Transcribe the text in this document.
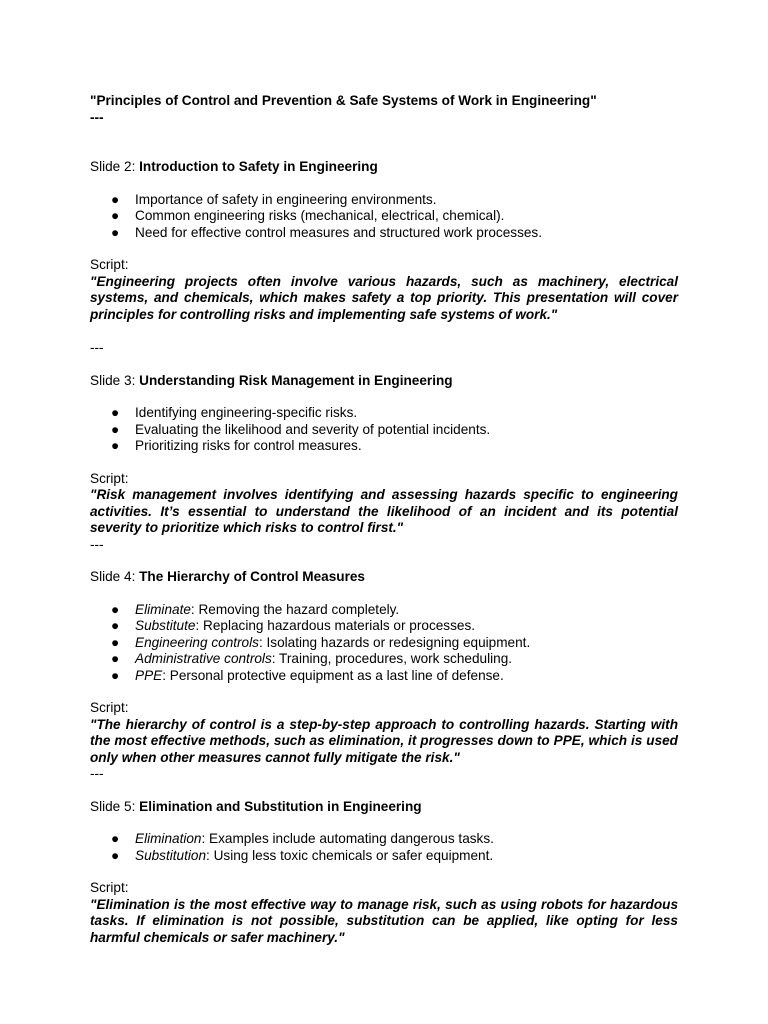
"Principles of Control and Prevention & Safe Systems of Work in Engineering"

---

Slide 2: Introduction to Safety in Engineering

● Importance of safety in engineering environments.
● Common engineering risks (mechanical, electrical, chemical).
● Need for effective control measures and structured work processes.

Script:

"Engineering projects often involve various hazards, such as machinery, electrical systems, and chemicals, which makes safety a top priority. This presentation will cover principles for controlling risks and implementing safe systems of work."

---

Slide 3: Understanding Risk Management in Engineering

● Identifying engineering-specific risks.
● Evaluating the likelihood and severity of potential incidents.
● Prioritizing risks for control measures.

Script:

"Risk management involves identifying and assessing hazards specific to engineering activities. It’s essential to understand the likelihood of an incident and its potential severity to prioritize which risks to control first."

---

Slide 4: The Hierarchy of Control Measures

● Eliminate: Removing the hazard completely.
● Substitute: Replacing hazardous materials or processes.
● Engineering controls: Isolating hazards or redesigning equipment.
● Administrative controls: Training, procedures, work scheduling.
● PPE: Personal protective equipment as a last line of defense.

Script:

"The hierarchy of control is a step-by-step approach to controlling hazards. Starting with the most effective methods, such as elimination, it progresses down to PPE, which is used only when other measures cannot fully mitigate the risk."

---

Slide 5: Elimination and Substitution in Engineering

● Elimination: Examples include automating dangerous tasks.
● Substitution: Using less toxic chemicals or safer equipment.

Script:

"Elimination is the most effective way to manage risk, such as using robots for hazardous tasks. If elimination is not possible, substitution can be applied, like opting for less harmful chemicals or safer machinery."
